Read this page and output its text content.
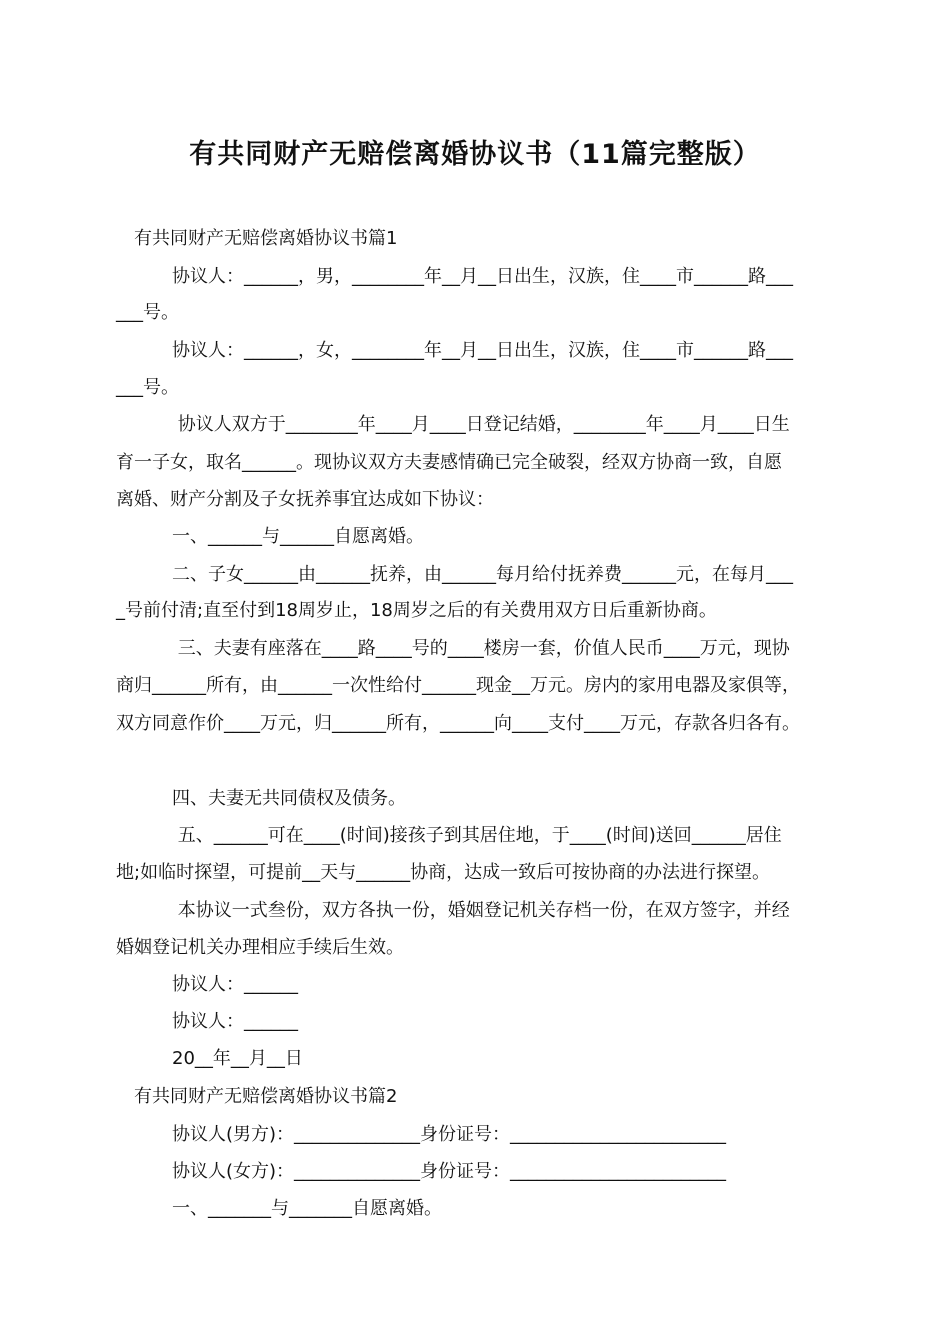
有共同财产无赔偿离婚协议书（11篇完整版）

有共同财产无赔偿离婚协议书篇1

协议人：______，男，________年__月__日出生，汉族，住____市______路___

___号。

协议人：______，女，________年__月__日出生，汉族，住____市______路___

___号。

协议人双方于________年____月____日登记结婚，________年____月____日生

育一子女，取名______。现协议双方夫妻感情确已完全破裂，经双方协商一致，自愿

离婚、财产分割及子女抚养事宜达成如下协议：

一、______与______自愿离婚。

二、子女______由______抚养，由______每月给付抚养费______元，在每月___

_号前付清;直至付到18周岁止，18周岁之后的有关费用双方日后重新协商。

三、夫妻有座落在____路____号的____楼房一套，价值人民币____万元，现协

商归______所有，由______一次性给付______现金__万元。房内的家用电器及家俱等，

双方同意作价____万元，归______所有，______向____支付____万元，存款各归各有。

四、夫妻无共同债权及债务。

五、______可在____(时间)接孩子到其居住地，于____(时间)送回______居住

地;如临时探望，可提前__天与______协商，达成一致后可按协商的办法进行探望。

本协议一式叁份，双方各执一份，婚姻登记机关存档一份，在双方签字，并经

婚姻登记机关办理相应手续后生效。

协议人：______

协议人：______

20__年__月__日

有共同财产无赔偿离婚协议书篇2

协议人(男方)：______________身份证号：________________________

协议人(女方)：______________身份证号：________________________

一、_______与_______自愿离婚。
